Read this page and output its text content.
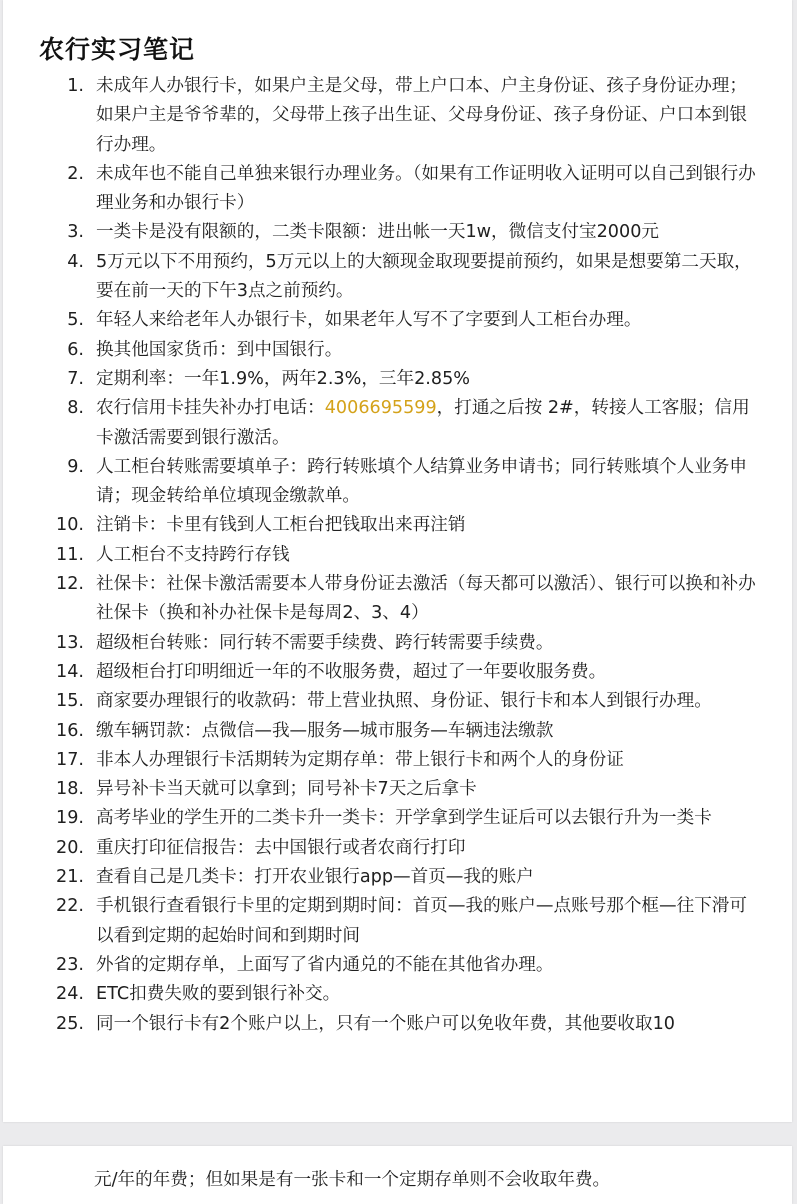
农行实习笔记
1. 未成年人办银行卡，如果户主是父母，带上户口本、户主身份证、孩子身份证办理；如果户主是爷爷辈的，父母带上孩子出生证、父母身份证、孩子身份证、户口本到银行办理。
2. 未成年也不能自己单独来银行办理业务。（如果有工作证明收入证明可以自己到银行办理业务和办银行卡）
3. 一类卡是没有限额的，二类卡限额：进出帐一天1w，微信支付宝2000元
4. 5万元以下不用预约，5万元以上的大额现金取现要提前预约，如果是想要第二天取，要在前一天的下午3点之前预约。
5. 年轻人来给老年人办银行卡，如果老年人写不了字要到人工柜台办理。
6. 换其他国家货币：到中国银行。
7. 定期利率：一年1.9%，两年2.3%，三年2.85%
8. 农行信用卡挂失补办打电话：4006695599，打通之后按 2#，转接人工客服；信用卡激活需要到银行激活。
9. 人工柜台转账需要填单子：跨行转账填个人结算业务申请书；同行转账填个人业务申请；现金转给单位填现金缴款单。
10. 注销卡：卡里有钱到人工柜台把钱取出来再注销
11. 人工柜台不支持跨行存钱
12. 社保卡：社保卡激活需要本人带身份证去激活（每天都可以激活）、银行可以换和补办社保卡（换和补办社保卡是每周2、3、4）
13. 超级柜台转账：同行转不需要手续费、跨行转需要手续费。
14. 超级柜台打印明细近一年的不收服务费，超过了一年要收服务费。
15. 商家要办理银行的收款码：带上营业执照、身份证、银行卡和本人到银行办理。
16. 缴车辆罚款：点微信—我—服务—城市服务—车辆违法缴款
17. 非本人办理银行卡活期转为定期存单：带上银行卡和两个人的身份证
18. 异号补卡当天就可以拿到；同号补卡7天之后拿卡
19. 高考毕业的学生开的二类卡升一类卡：开学拿到学生证后可以去银行升为一类卡
20. 重庆打印征信报告：去中国银行或者农商行打印
21. 查看自己是几类卡：打开农业银行app—首页—我的账户
22. 手机银行查看银行卡里的定期到期时间：首页—我的账户—点账号那个框—往下滑可以看到定期的起始时间和到期时间
23. 外省的定期存单，上面写了省内通兑的不能在其他省办理。
24. ETC扣费失败的要到银行补交。
25. 同一个银行卡有2个账户以上，只有一个账户可以免收年费，其他要收取10
元/年的年费；但如果是有一张卡和一个定期存单则不会收取年费。
